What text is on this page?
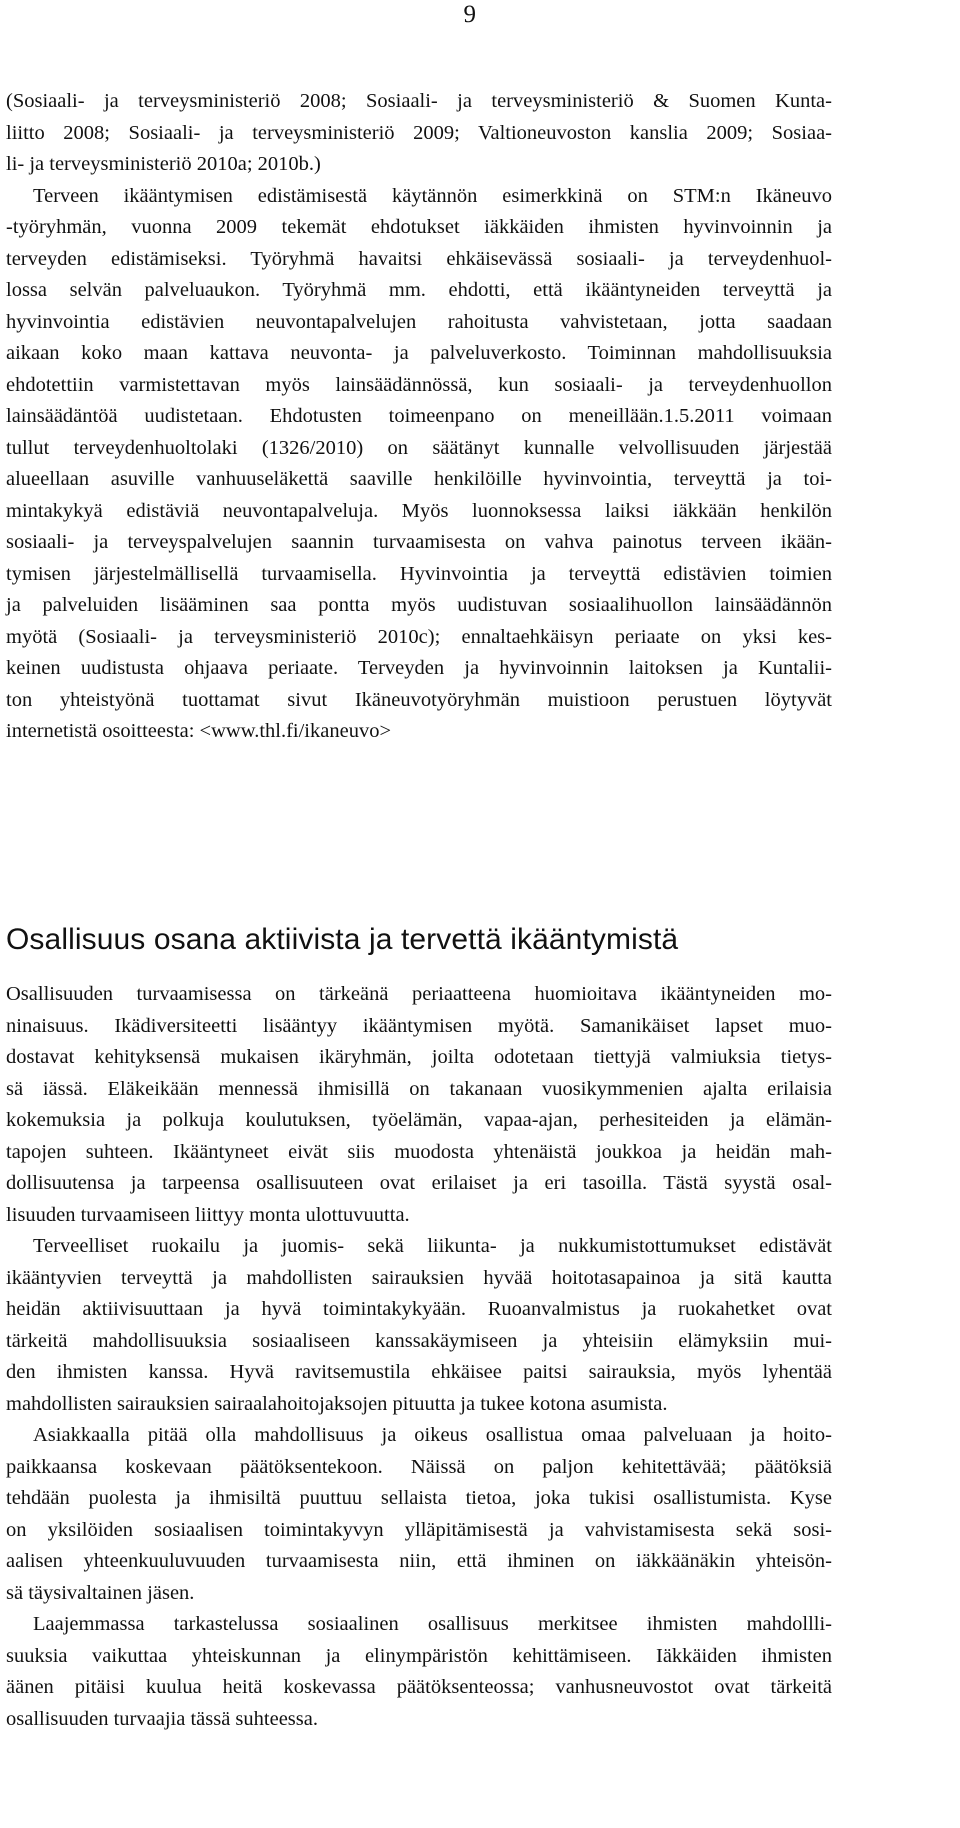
9
(Sosiaali- ja terveysministeriö 2008; Sosiaali- ja terveysministeriö & Suomen Kunta-
liitto 2008; Sosiaali- ja terveysministeriö 2009; Valtioneuvoston kanslia 2009; Sosiaa-
li- ja terveysministeriö 2010a; 2010b.)
Terveen ikääntymisen edistämisestä käytännön esimerkkinä on STM:n Ikäneuvo
-työryhmän, vuonna 2009 tekemät ehdotukset iäkkäiden ihmisten hyvinvoinnin ja
terveyden edistämiseksi. Työryhmä havaitsi ehkäisevässä sosiaali- ja terveydenhuol-
lossa selvän palveluaukon. Työryhmä mm. ehdotti, että ikääntyneiden terveyttä ja
hyvinvointia edistävien neuvontapalvelujen rahoitusta vahvistetaan, jotta saadaan
aikaan koko maan kattava neuvonta- ja palveluverkosto. Toiminnan mahdollisuuksia
ehdotettiin varmistettavan myös lainsäädännössä, kun sosiaali- ja terveydenhuollon
lainsäädäntöä uudistetaan. Ehdotusten toimeenpano on meneillään.1.5.2011 voimaan
tullut terveydenhuoltolaki (1326/2010) on säätänyt kunnalle velvollisuuden järjestää
alueellaan asuville vanhuuseläkettä saaville henkilöille hyvinvointia, terveyttä ja toi-
mintakykyä edistäviä neuvontapalveluja. Myös luonnoksessa laiksi iäkkään henkilön
sosiaali- ja terveyspalvelujen saannin turvaamisesta on vahva painotus terveen ikään-
tymisen järjestelmällisellä turvaamisella. Hyvinvointia ja terveyttä edistävien toimien
ja palveluiden lisääminen saa pontta myös uudistuvan sosiaalihuollon lainsäädännön
myötä (Sosiaali- ja terveysministeriö 2010c); ennaltaehkäisyn periaate on yksi kes-
keinen uudistusta ohjaava periaate. Terveyden ja hyvinvoinnin laitoksen ja Kuntalii-
ton yhteistyönä tuottamat sivut Ikäneuvotyöryhmän muistioon perustuen löytyvät
internetistä osoitteesta: <www.thl.fi/ikaneuvo>
Osallisuus osana aktiivista ja tervettä ikääntymistä
Osallisuuden turvaamisessa on tärkeänä periaatteena huomioitava ikääntyneiden mo-
ninaisuus. Ikädiversiteetti lisääntyy ikääntymisen myötä. Samanikäiset lapset muo-
dostavat kehityksensä mukaisen ikäryhmän, joilta odotetaan tiettyjä valmiuksia tietys-
sä iässä. Eläkeikään mennessä ihmisillä on takanaan vuosikymmenien ajalta erilaisia
kokemuksia ja polkuja koulutuksen, työelämän, vapaa-ajan, perhesiteiden ja elämän-
tapojen suhteen. Ikääntyneet eivät siis muodosta yhtenäistä joukkoa ja heidän mah-
dollisuutensa ja tarpeensa osallisuuteen ovat erilaiset ja eri tasoilla. Tästä syystä osal-
lisuuden turvaamiseen liittyy monta ulottuvuutta.
Terveelliset ruokailu ja juomis- sekä liikunta- ja nukkumistottumukset edistävät
ikääntyvien terveyttä ja mahdollisten sairauksien hyvää hoitotasapainoa ja sitä kautta
heidän aktiivisuuttaan ja hyvä toimintakykyään. Ruoanvalmistus ja ruokahetket ovat
tärkeitä mahdollisuuksia sosiaaliseen kanssakäymiseen ja yhteisiin elämyksiin mui-
den ihmisten kanssa. Hyvä ravitsemustila ehkäisee paitsi sairauksia, myös lyhentää
mahdollisten sairauksien sairaalahoitojaksojen pituutta ja tukee kotona asumista.
Asiakkaalla pitää olla mahdollisuus ja oikeus osallistua omaa palveluaan ja hoito-
paikkaansa koskevaan päätöksentekoon. Näissä on paljon kehitettävää; päätöksiä
tehdään puolesta ja ihmisiltä puuttuu sellaista tietoa, joka tukisi osallistumista. Kyse
on yksilöiden sosiaalisen toimintakyvyn ylläpitämisestä ja vahvistamisesta sekä sosi-
aalisen yhteenkuuluvuuden turvaamisesta niin, että ihminen on iäkkäänäkin yhteisön-
sä täysivaltainen jäsen.
Laajemmassa tarkastelussa sosiaalinen osallisuus merkitsee ihmisten mahdollli-
suuksia vaikuttaa yhteiskunnan ja elinympäristön kehittämiseen. Iäkkäiden ihmisten
äänen pitäisi kuulua heitä koskevassa päätöksenteossa; vanhusneuvostot ovat tärkeitä
osallisuuden turvaajia tässä suhteessa.
